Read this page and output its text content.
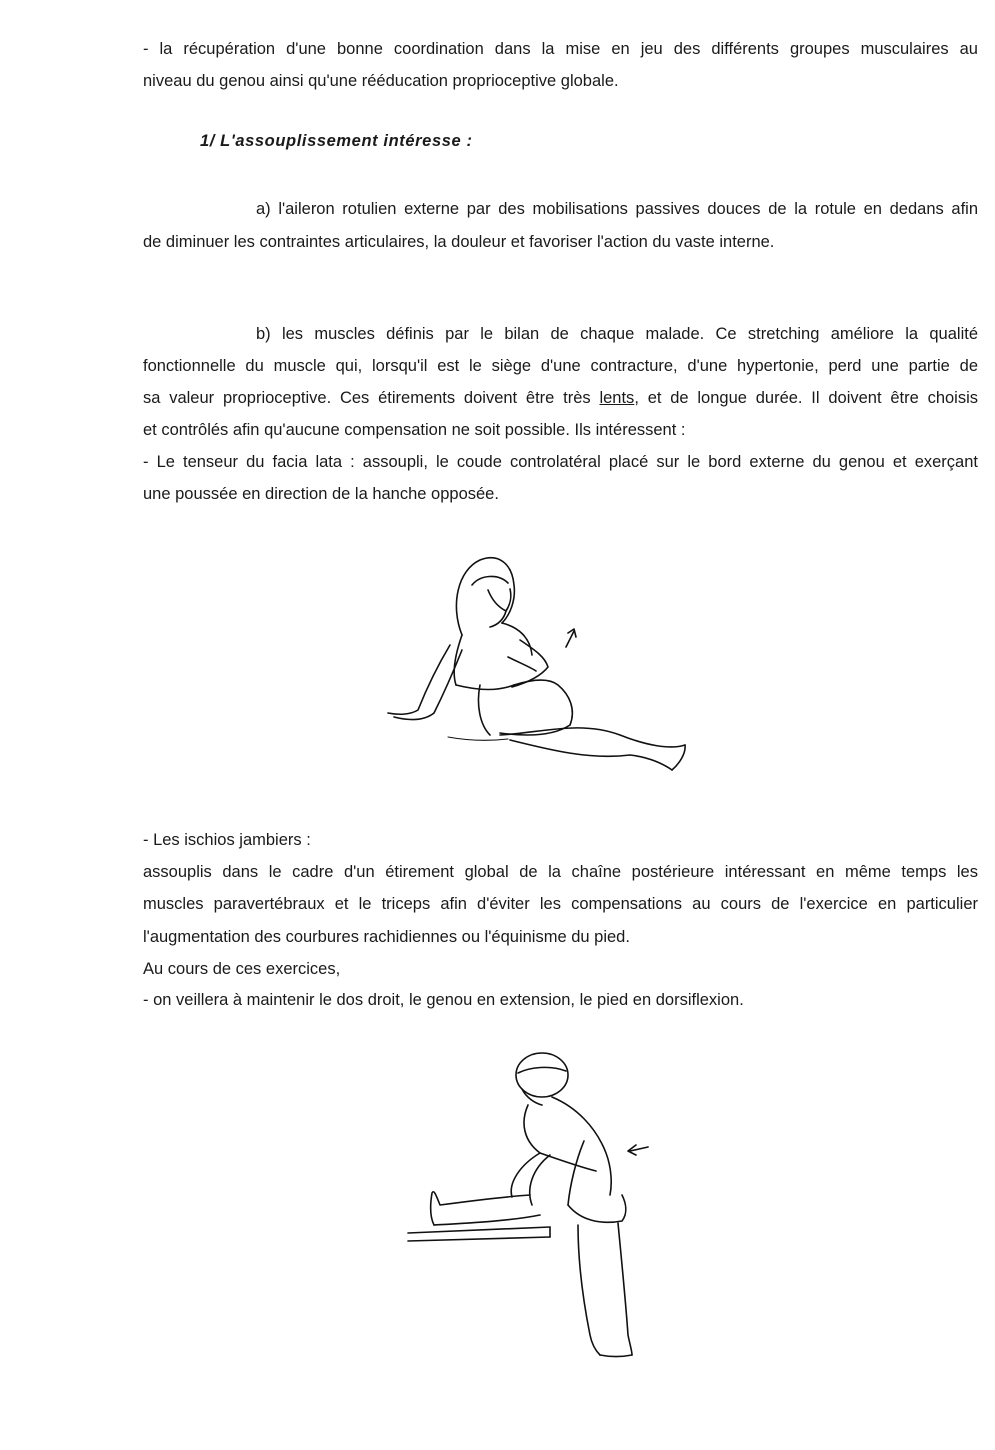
- la récupération d'une bonne coordination dans la mise en jeu des différents groupes musculaires au
niveau du genou ainsi qu'une rééducation proprioceptive globale.
1/ L'assouplissement intéresse :
a) l'aileron rotulien externe par des mobilisations passives douces de la rotule en dedans afin
de diminuer les contraintes articulaires, la douleur et favoriser l'action du vaste interne.
b) les muscles définis par le bilan de chaque malade. Ce stretching améliore la qualité
fonctionnelle du muscle qui, lorsqu'il est le siège d'une contracture, d'une hypertonie, perd une partie de
sa valeur proprioceptive. Ces étirements doivent être très lents, et de longue durée. Il doivent être choisis
et contrôlés afin qu'aucune compensation ne soit possible. Ils intéressent :
- Le tenseur du facia lata : assoupli, le coude controlatéral placé sur le bord externe du genou et exerçant
une poussée en direction de la hanche opposée.
- Les ischios jambiers :
assouplis dans le cadre d'un étirement global de la chaîne postérieure intéressant en même temps les
muscles paravertébraux et le triceps afin d'éviter les compensations au cours de l'exercice en particulier
l'augmentation des courbures rachidiennes ou l'équinisme du pied.
Au cours de ces exercices,
- on veillera à maintenir le dos droit, le genou en extension, le pied en dorsiflexion.
